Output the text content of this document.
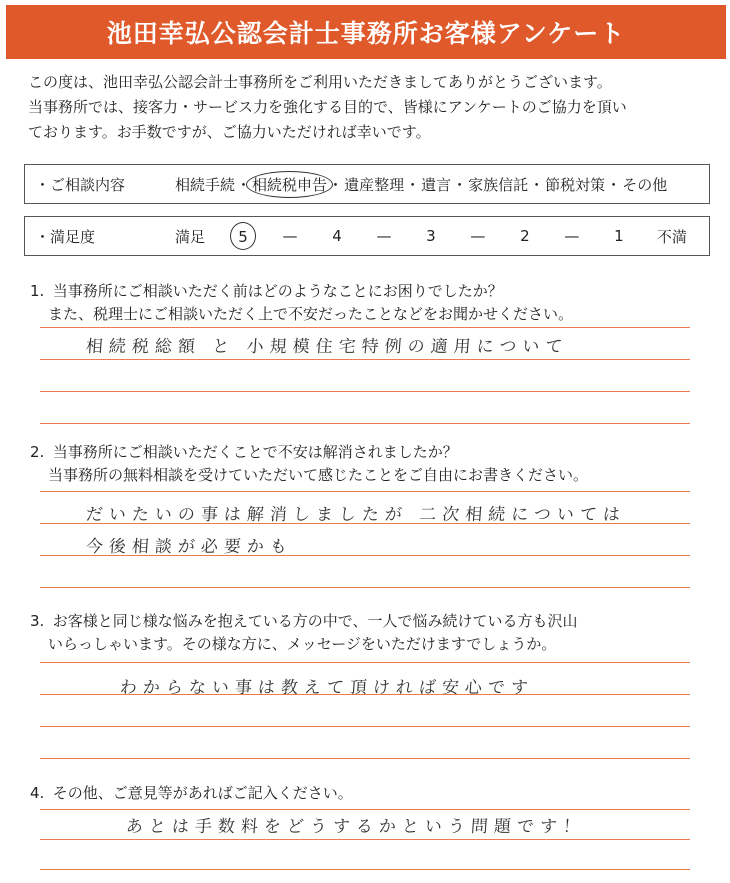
池田幸弘公認会計士事務所お客様アンケート
この度は、池田幸弘公認会計士事務所をご利用いただきましてありがとうございます。
当事務所では、接客力・サービス力を強化する目的で、皆様にアンケートのご協力を頂い
ております。お手数ですが、ご協力いただければ幸いです。
・ご相談内容	相続手続 ・ 相続税申告 ・ 遺産整理 ・ 遺言 ・ 家族信託 ・ 節税対策 ・ その他
・満足度	満足	5	—	4	—	3	—	2	—	1	不満
1. 当事務所にご相談いただく前はどのようなことにお困りでしたか？
また、税理士にご相談いただく上で不安だったことなどをお聞かせください。
相続税総額 と 小規模住宅特例の適用について
2. 当事務所にご相談いただくことで不安は解消されましたか？
当事務所の無料相談を受けていただいて感じたことをご自由にお書きください。
だいたいの事は解消しましたが 二次相続については
今後相談が必要かも
3. お客様と同じ様な悩みを抱えている方の中で、一人で悩み続けている方も沢山
いらっしゃいます。その様な方に、メッセージをいただけますでしょうか。
わからない事は教えて頂ければ安心です
4. その他、ご意見等があればご記入ください。
あとは手数料をどうするかという問題です！
